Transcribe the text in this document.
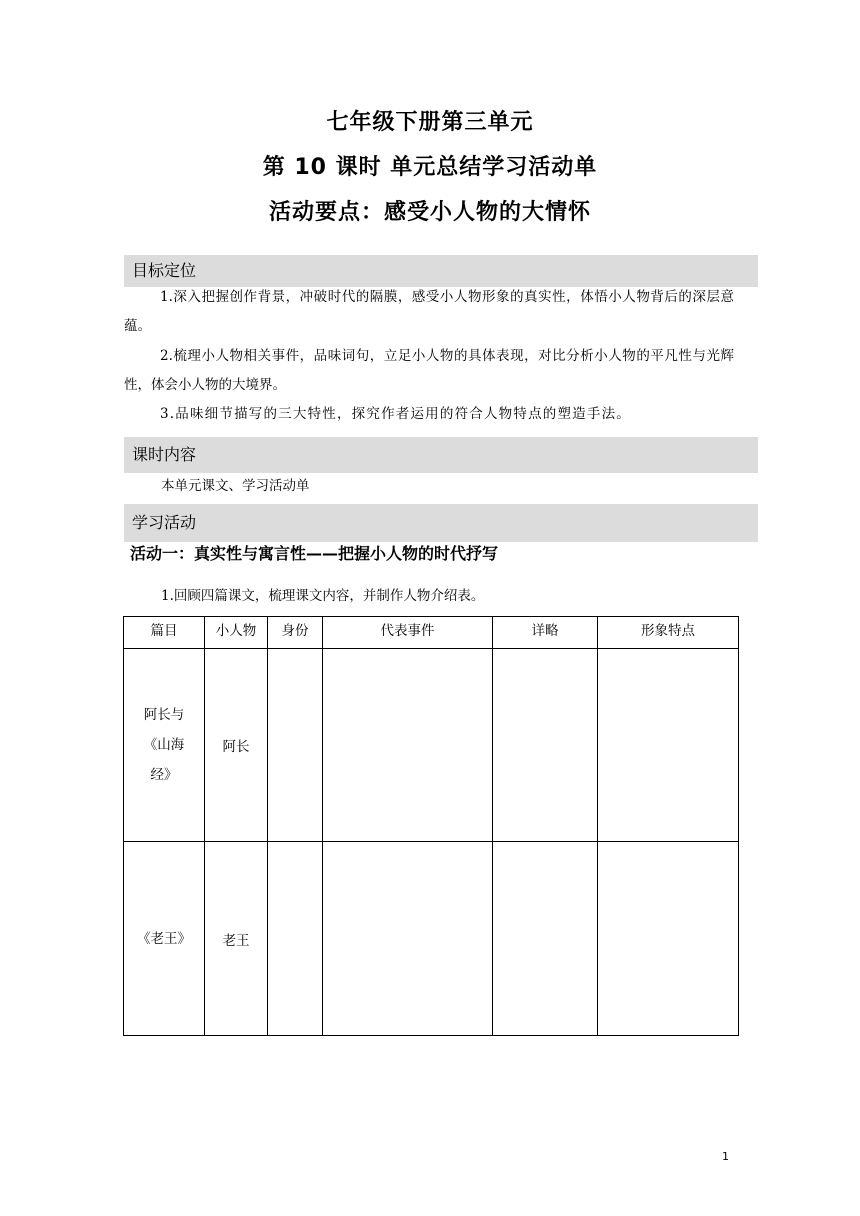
七年级下册第三单元
第 10 课时 单元总结学习活动单
活动要点：感受小人物的大情怀
目标定位
1.深入把握创作背景，冲破时代的隔膜，感受小人物形象的真实性，体悟小人物背后的深层意蕴。
2.梳理小人物相关事件，品味词句，立足小人物的具体表现，对比分析小人物的平凡性与光辉性，体会小人物的大境界。
3.品味细节描写的三大特性，探究作者运用的符合人物特点的塑造手法。
课时内容
本单元课文、学习活动单
学习活动
活动一：真实性与寓言性——把握小人物的时代抒写
1.回顾四篇课文，梳理课文内容，并制作人物介绍表。
篇目	小人物	身份	代表事件	详略	形象特点

阿长与
《山海
经》	阿长				

《老王》	老王				
1
